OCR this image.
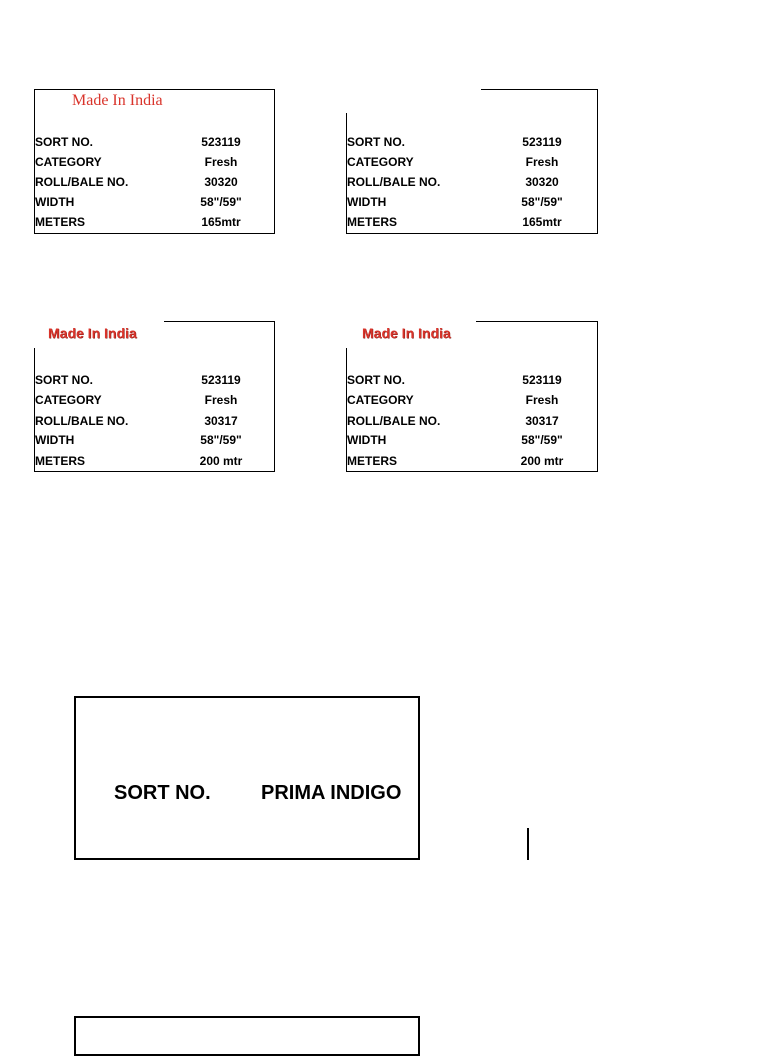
Made In India
SORT NO.	523119
CATEGORY	Fresh
ROLL/BALE NO.	30320
WIDTH	58"/59"
METERS	165mtr
SORT NO.	523119
CATEGORY	Fresh
ROLL/BALE NO.	30320
WIDTH	58"/59"
METERS	165mtr
Made In India
SORT NO.	523119
CATEGORY	Fresh
ROLL/BALE NO.	30317
WIDTH	58"/59"
METERS	200 mtr
Made In India
SORT NO.	523119
CATEGORY	Fresh
ROLL/BALE NO.	30317
WIDTH	58"/59"
METERS	200 mtr
SORT NO.	PRIMA INDIGO
